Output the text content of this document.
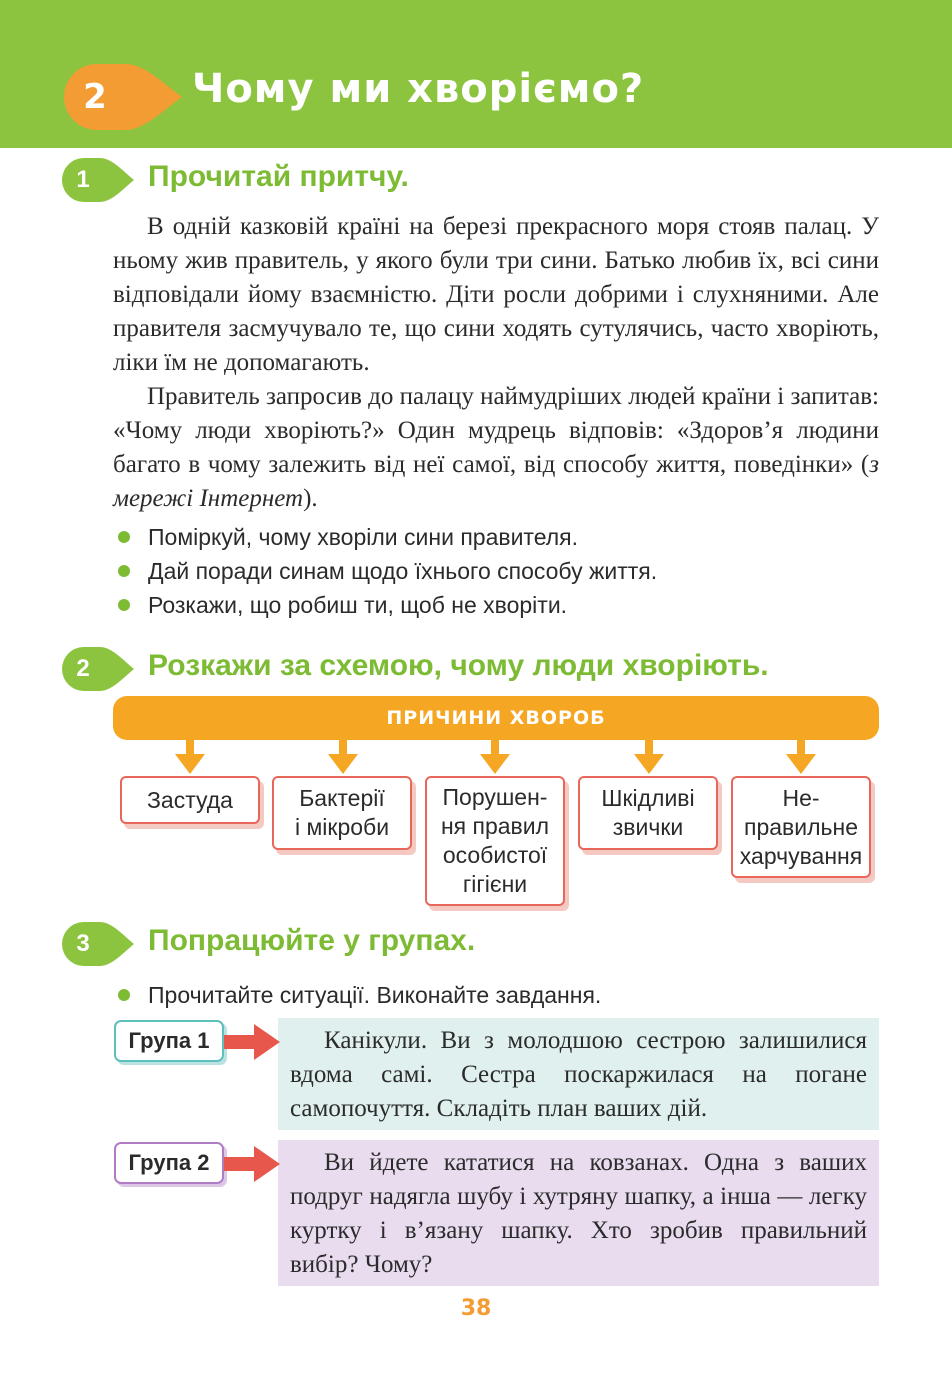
2	Чому ми хворіємо?
1	Прочитай притчу.

В одній казковій країні на березі прекрасного моря стояв палац. У ньому жив правитель, у якого були три сини. Батько любив їх, всі сини відповідали йому взаємністю. Діти росли добрими і слухняними. Але правителя засмучувало те, що сини ходять сутулячись, часто хворіють, ліки їм не допомагають.

Правитель запросив до палацу наймудріших людей країни і запитав: «Чому люди хворіють?» Один мудрець відповів: «Здоров’я людини багато в чому залежить від неї самої, від способу життя, поведінки» (з мережі Інтернет).

Поміркуй, чому хворіли сини правителя.
Дай поради синам щодо їхнього способу життя.
Розкажи, що робиш ти, щоб не хворіти.
2	Розкажи за схемою, чому люди хворіють.
ПРИЧИНИ ХВОРОБ
Застуда	Бактерії
і мікроби
Порушен-
ня правил
особистої
гігієни
Шкідливі
звички
Не-
правильне
харчування
3	Попрацюйте у групах.
Прочитайте ситуації. Виконайте завдання.
Канікули. Ви з молодшою сестрою залишилися вдома самі. Сестра поскаржилася на погане самопочуття. Складіть план ваших дій.
Група 1
Ви йдете кататися на ковзанах. Одна з ваших подруг надягла шубу і хутряну шапку, а інша — легку куртку і в’язану шапку. Хто зробив правильний вибір? Чому?
Група 2
38
